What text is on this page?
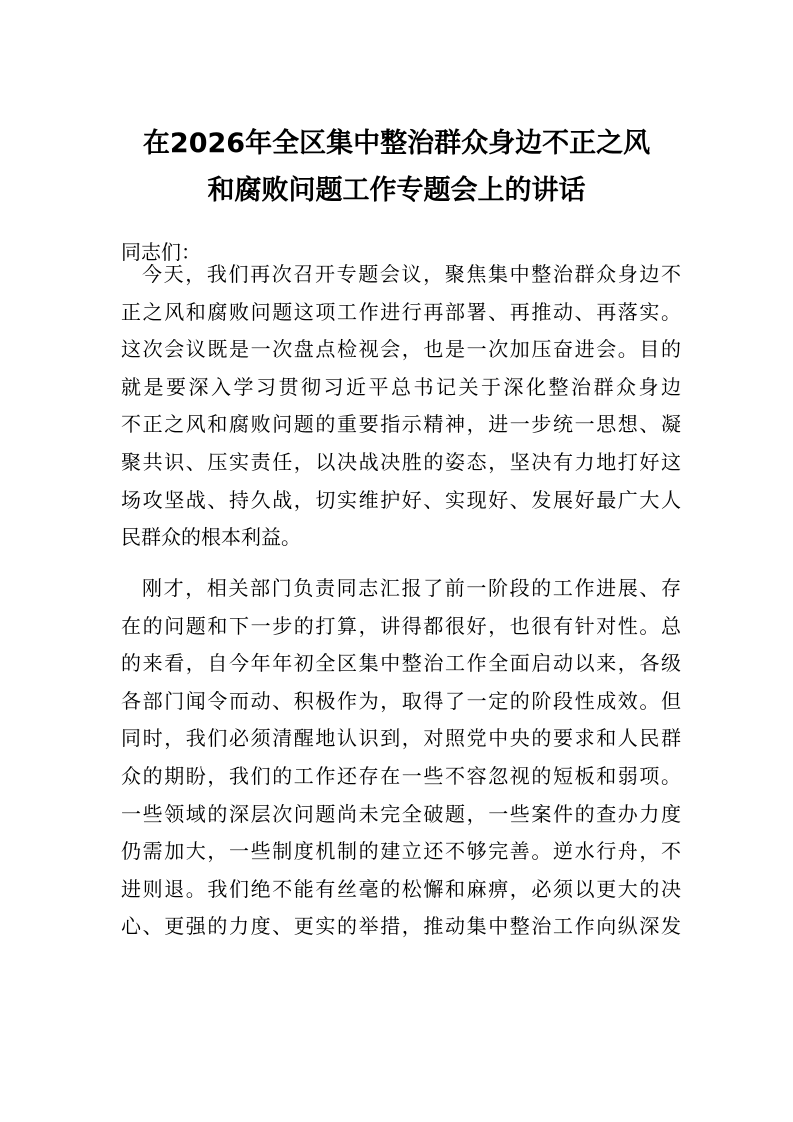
在2026年全区集中整治群众身边不正之风
和腐败问题工作专题会上的讲话
同志们：
今天，我们再次召开专题会议，聚焦集中整治群众身边不
正之风和腐败问题这项工作进行再部署、再推动、再落实。
这次会议既是一次盘点检视会，也是一次加压奋进会。目的
就是要深入学习贯彻习近平总书记关于深化整治群众身边
不正之风和腐败问题的重要指示精神，进一步统一思想、凝
聚共识、压实责任，以决战决胜的姿态，坚决有力地打好这
场攻坚战、持久战，切实维护好、实现好、发展好最广大人
民群众的根本利益。
刚才，相关部门负责同志汇报了前一阶段的工作进展、存
在的问题和下一步的打算，讲得都很好，也很有针对性。总
的来看，自今年年初全区集中整治工作全面启动以来，各级
各部门闻令而动、积极作为，取得了一定的阶段性成效。但
同时，我们必须清醒地认识到，对照党中央的要求和人民群
众的期盼，我们的工作还存在一些不容忽视的短板和弱项。
一些领域的深层次问题尚未完全破题，一些案件的查办力度
仍需加大，一些制度机制的建立还不够完善。逆水行舟，不
进则退。我们绝不能有丝毫的松懈和麻痹，必须以更大的决
心、更强的力度、更实的举措，推动集中整治工作向纵深发
